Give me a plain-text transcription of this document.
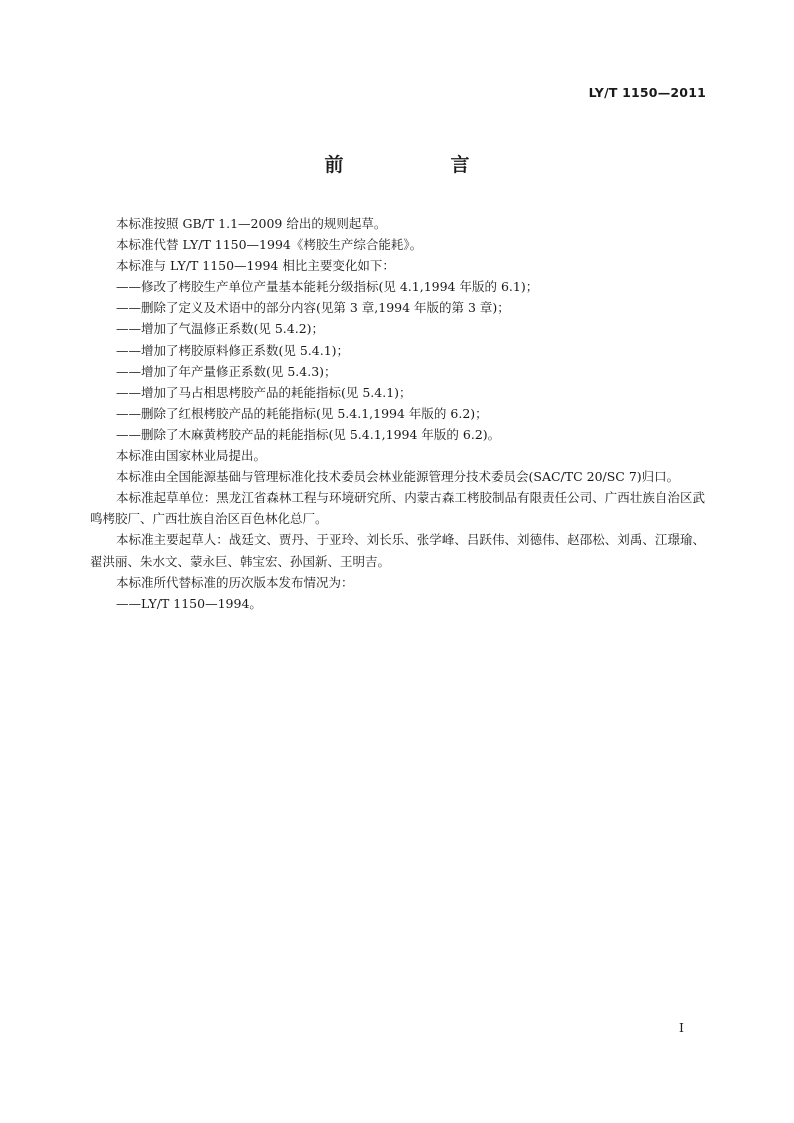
LY/T 1150—2011
前　言

本标准按照 GB/T 1.1—2009 给出的规则起草。

本标准代替 LY/T 1150—1994《栲胶生产综合能耗》。

本标准与 LY/T 1150—1994 相比主要变化如下：

——修改了栲胶生产单位产量基本能耗分级指标(见 4.1,1994 年版的 6.1)；

——删除了定义及术语中的部分内容(见第 3 章,1994 年版的第 3 章)；

——增加了气温修正系数(见 5.4.2)；

——增加了栲胶原料修正系数(见 5.4.1)；

——增加了年产量修正系数(见 5.4.3)；

——增加了马占相思栲胶产品的耗能指标(见 5.4.1)；

——删除了红根栲胶产品的耗能指标(见 5.4.1,1994 年版的 6.2)；

——删除了木麻黄栲胶产品的耗能指标(见 5.4.1,1994 年版的 6.2)。

本标准由国家林业局提出。

本标准由全国能源基础与管理标准化技术委员会林业能源管理分技术委员会(SAC/TC 20/SC 7)归口。

本标准起草单位：黑龙江省森林工程与环境研究所、内蒙古森工栲胶制品有限责任公司、广西壮族自治区武鸣栲胶厂、广西壮族自治区百色林化总厂。

本标准主要起草人：战廷文、贾丹、于亚玲、刘长乐、张学峰、吕跃伟、刘德伟、赵邵松、刘禹、江璟瑜、翟洪丽、朱水文、蒙永巨、韩宝宏、孙国新、王明吉。

本标准所代替标准的历次版本发布情况为：

——LY/T 1150—1994。

I
